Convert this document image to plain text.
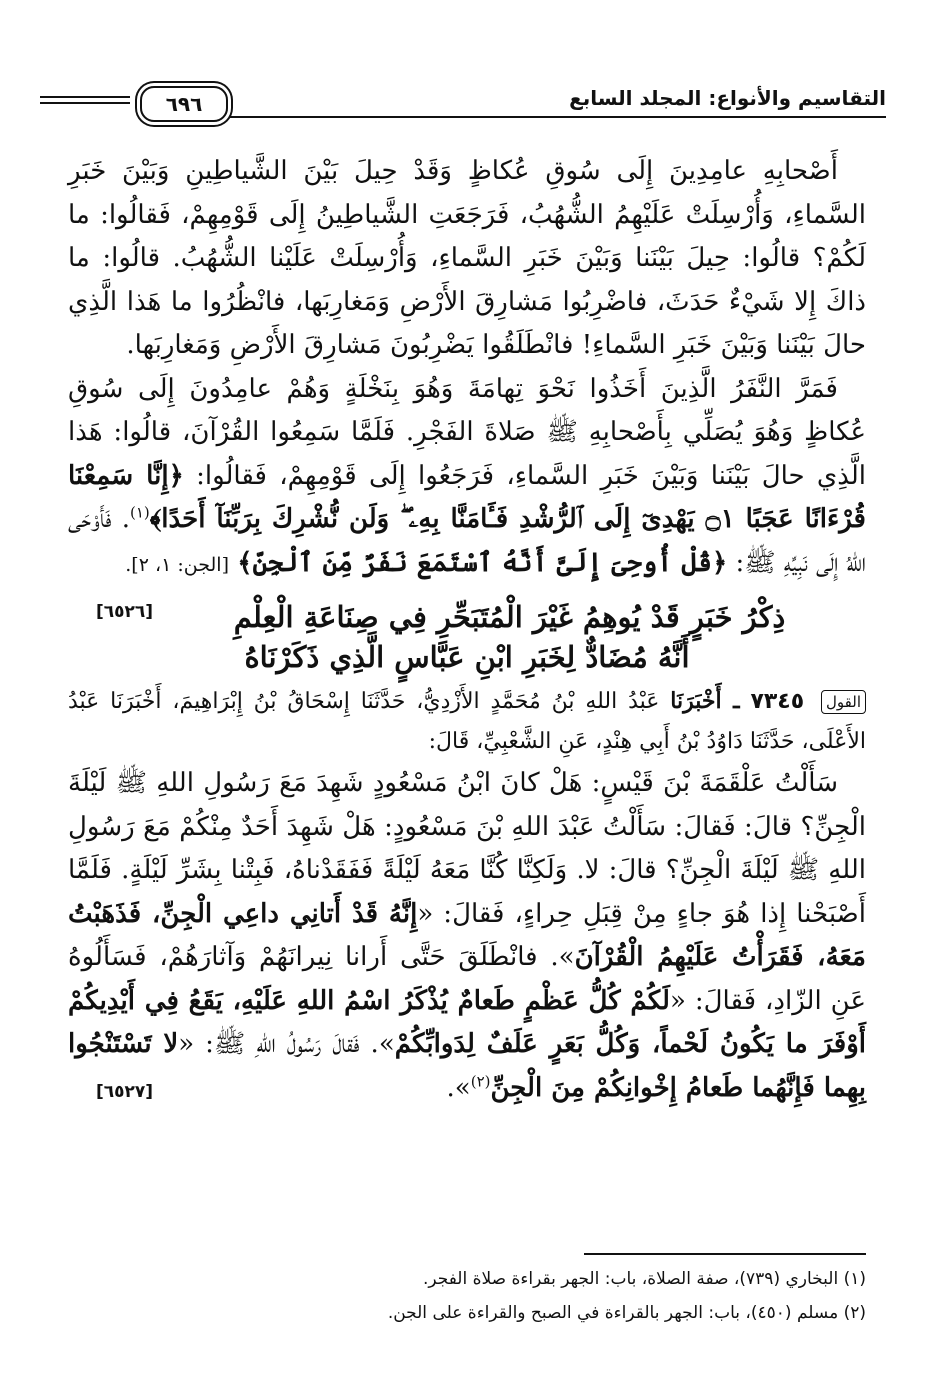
التقاسيم والأنواع: المجلد السابع
٦٩٦

أَصْحابِهِ عامِدِينَ إِلَى سُوقِ عُكاظٍ وَقَدْ حِيلَ بَيْنَ الشَّياطِينِ وَبَيْنَ خَبَرِ السَّماءِ، وَأُرْسِلَتْ عَلَيْهِمُ الشُّهُبُ، فَرَجَعَتِ الشَّياطِينُ إِلَى قَوْمِهِمْ، فَقالُوا: ما لَكُمْ؟ قالُوا: حِيلَ بَيْنَنا وَبَيْنَ خَبَرِ السَّماءِ، وَأُرْسِلَتْ عَلَيْنا الشُّهُبُ. قالُوا: ما ذاكَ إِلا شَيْءٌ حَدَثَ، فاضْرِبُوا مَشارِقَ الأَرْضِ وَمَغارِبَها، فانْظُرُوا ما هَذا الَّذِي حالَ بَيْنَنا وَبَيْنَ خَبَرِ السَّماءِ! فانْطَلَقُوا يَضْرِبُونَ مَشارِقَ الأَرْضِ وَمَغارِبَها.

فَمَرَّ النَّفَرُ الَّذِينَ أَخَذُوا نَحْوَ تِهامَةَ وَهُوَ بِنَخْلَةٍ وَهُمْ عامِدُونَ إِلَى سُوقِ عُكاظٍ وَهُوَ يُصَلِّي بِأَصْحابِهِ ﷺ صَلاةَ الفَجْرِ. فَلَمَّا سَمِعُوا القُرْآنَ، قالُوا: هَذا الَّذِي حالَ بَيْنَنا وَبَيْنَ خَبَرِ السَّماءِ، فَرَجَعُوا إِلَى قَوْمِهِمْ، فَقالُوا: ﴿إِنَّا سَمِعْنَا قُرْءَانًا عَجَبًا ۝١ يَهْدِىٓ إِلَى ٱلرُّشْدِ فَـَٔامَنَّا بِهِۦ ۖ وَلَن نُّشْرِكَ بِرَبِّنَآ أَحَدًا﴾$^{(١)}$. فَأَوْحَى اللهُ إِلَى نَبِيِّهِ ﷺ: ﴿قُلْ أُوحِىَ إِلَىَّ أَنَّهُ ٱسْتَمَعَ نَفَرٌ مِّنَ ٱلْجِنِّ﴾ [الجن: ١، ٢].
[٦٥٢٦]	ذِكْرُ خَبَرٍ قَدْ يُوهِمُ غَيْرَ الْمُتَبَحِّرِ فِي صِنَاعَةِ الْعِلْمِ
أَنَّهُ مُضَادٌّ لِخَبَرِ ابْنِ عَبَّاسٍ الَّذِي ذَكَرْنَاهُ

القول ٧٣٤٥ ـ أَخْبَرَنَا عَبْدُ اللهِ بْنُ مُحَمَّدٍ الأَزْدِيُّ، حَدَّثَنَا إِسْحَاقُ بْنُ إِبْرَاهِيمَ، أَخْبَرَنَا عَبْدُ الأَعْلَى، حَدَّثَنَا دَاوُدُ بْنُ أَبِي هِنْدٍ، عَنِ الشَّعْبِيِّ، قَالَ:

سَأَلْتُ عَلْقَمَةَ بْنَ قَيْسٍ: هَلْ كانَ ابْنُ مَسْعُودٍ شَهِدَ مَعَ رَسُولِ اللهِ ﷺ لَيْلَةَ الْجِنِّ؟ قالَ: فَقالَ: سَأَلْتُ عَبْدَ اللهِ بْنَ مَسْعُودٍ: هَلْ شَهِدَ أَحَدٌ مِنْكُمْ مَعَ رَسُولِ اللهِ ﷺ لَيْلَةَ الْجِنِّ؟ قالَ: لا. وَلَكِنَّا كُنَّا مَعَهُ لَيْلَةً فَفَقَدْناهُ، فَبِتْنا بِشَرِّ لَيْلَةٍ. فَلَمَّا أَصْبَحْنا إِذا هُوَ جاءٍ مِنْ قِبَلِ حِراءٍ، فَقالَ: «إِنَّهُ قَدْ أَتانِي داعِي الْجِنِّ، فَذَهَبْتُ مَعَهُ، فَقَرَأْتُ عَلَيْهِمُ الْقُرْآنَ». فانْطَلَقَ حَتَّى أَرانا نِيرانَهُمْ وَآثارَهُمْ، فَسَأَلُوهُ عَنِ الزّادِ، فَقالَ: «لَكُمْ كُلُّ عَظْمٍ طَعامٌ يُذْكَرُ اسْمُ اللهِ عَلَيْهِ، يَقَعُ فِي أَيْدِيكُمْ أَوْفَرَ ما يَكُونُ لَحْماً، وَكُلُّ بَعَرٍ عَلَفٌ لِدَوابِّكُمْ». فَقالَ رَسُولُ اللهِ ﷺ: «لا تَسْتَنْجُوا بِهِما فَإِنَّهُما طَعامُ إِخْوانِكُمْ مِنَ الْجِنِّ$^{(٢)}$».
[٦٥٢٧]

(١) البخاري (٧٣٩)، صفة الصلاة، باب: الجهر بقراءة صلاة الفجر.
(٢) مسلم (٤٥٠)، باب: الجهر بالقراءة في الصبح والقراءة على الجن.
